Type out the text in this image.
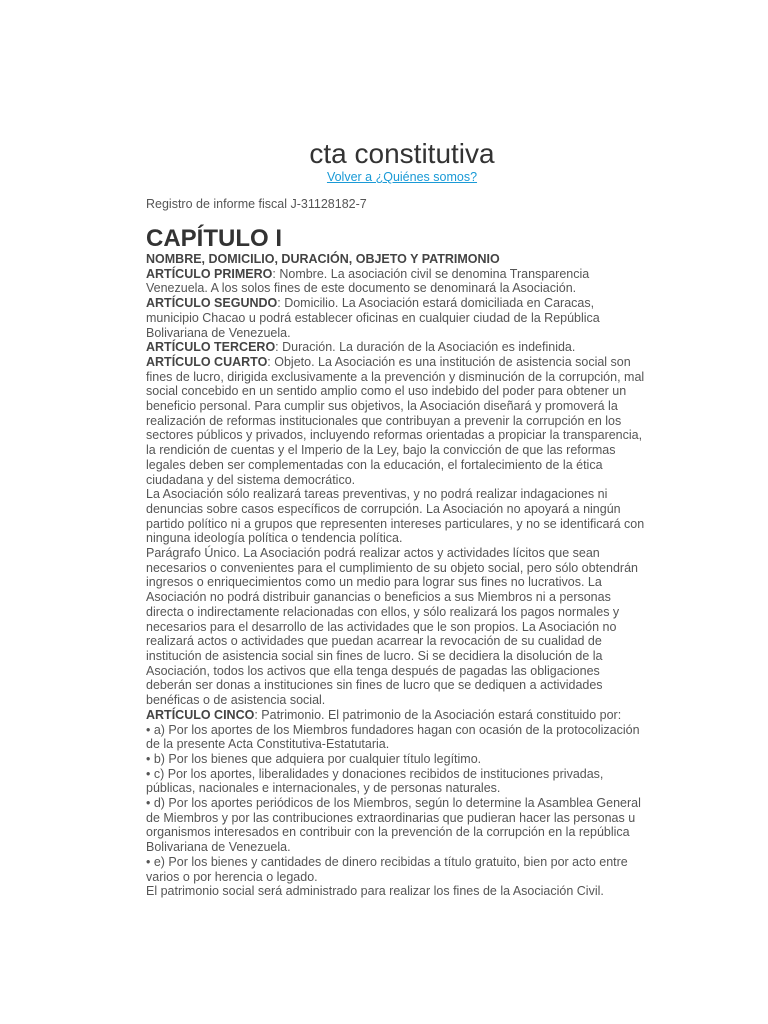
cta constitutiva
Volver a ¿Quiénes somos?
Registro de informe fiscal J-31128182-7
CAPÍTULO I

NOMBRE, DOMICILIO, DURACIÓN, OBJETO Y PATRIMONIO

ARTÍCULO PRIMERO: Nombre. La asociación civil se denomina Transparencia Venezuela. A los solos fines de este documento se denominará la Asociación.

ARTÍCULO SEGUNDO: Domicilio. La Asociación estará domiciliada en Caracas, municipio Chacao u podrá establecer oficinas en cualquier ciudad de la República Bolivariana de Venezuela.

ARTÍCULO TERCERO: Duración. La duración de la Asociación es indefinida.

ARTÍCULO CUARTO: Objeto. La Asociación es una institución de asistencia social son fines de lucro, dirigida exclusivamente a la prevención y disminución de la corrupción, mal social concebido en un sentido amplio como el uso indebido del poder para obtener un beneficio personal. Para cumplir sus objetivos, la Asociación diseñará y promoverá la realización de reformas institucionales que contribuyan a prevenir la corrupción en los sectores públicos y privados, incluyendo reformas orientadas a propiciar la transparencia, la rendición de cuentas y el Imperio de la Ley, bajo la convicción de que las reformas legales deben ser complementadas con la educación, el fortalecimiento de la ética ciudadana y del sistema democrático.

La Asociación sólo realizará tareas preventivas, y no podrá realizar indagaciones ni denuncias sobre casos específicos de corrupción. La Asociación no apoyará a ningún partido político ni a grupos que representen intereses particulares, y no se identificará con ninguna ideología política o tendencia política.

Parágrafo Único. La Asociación podrá realizar actos y actividades lícitos que sean necesarios o convenientes para el cumplimiento de su objeto social, pero sólo obtendrán ingresos o enriquecimientos como un medio para lograr sus fines no lucrativos. La Asociación no podrá distribuir ganancias o beneficios a sus Miembros ni a personas directa o indirectamente relacionadas con ellos, y sólo realizará los pagos normales y necesarios para el desarrollo de las actividades que le son propios. La Asociación no realizará actos o actividades que puedan acarrear la revocación de su cualidad de institución de asistencia social sin fines de lucro. Si se decidiera la disolución de la Asociación, todos los activos que ella tenga después de pagadas las obligaciones deberán ser donas a instituciones sin fines de lucro que se dediquen a actividades benéficas o de asistencia social.

ARTÍCULO CINCO: Patrimonio. El patrimonio de la Asociación estará constituido por:

• a) Por los aportes de los Miembros fundadores hagan con ocasión de la protocolización de la presente Acta Constitutiva-Estatutaria.

• b) Por los bienes que adquiera por cualquier título legítimo.

• c) Por los aportes, liberalidades y donaciones recibidos de instituciones privadas, públicas, nacionales e internacionales, y de personas naturales.

• d) Por los aportes periódicos de los Miembros, según lo determine la Asamblea General de Miembros y por las contribuciones extraordinarias que pudieran hacer las personas u organismos interesados en contribuir con la prevención de la corrupción en la república Bolivariana de Venezuela.

• e) Por los bienes y cantidades de dinero recibidas a título gratuito, bien por acto entre varios o por herencia o legado.

El patrimonio social será administrado para realizar los fines de la Asociación Civil.
